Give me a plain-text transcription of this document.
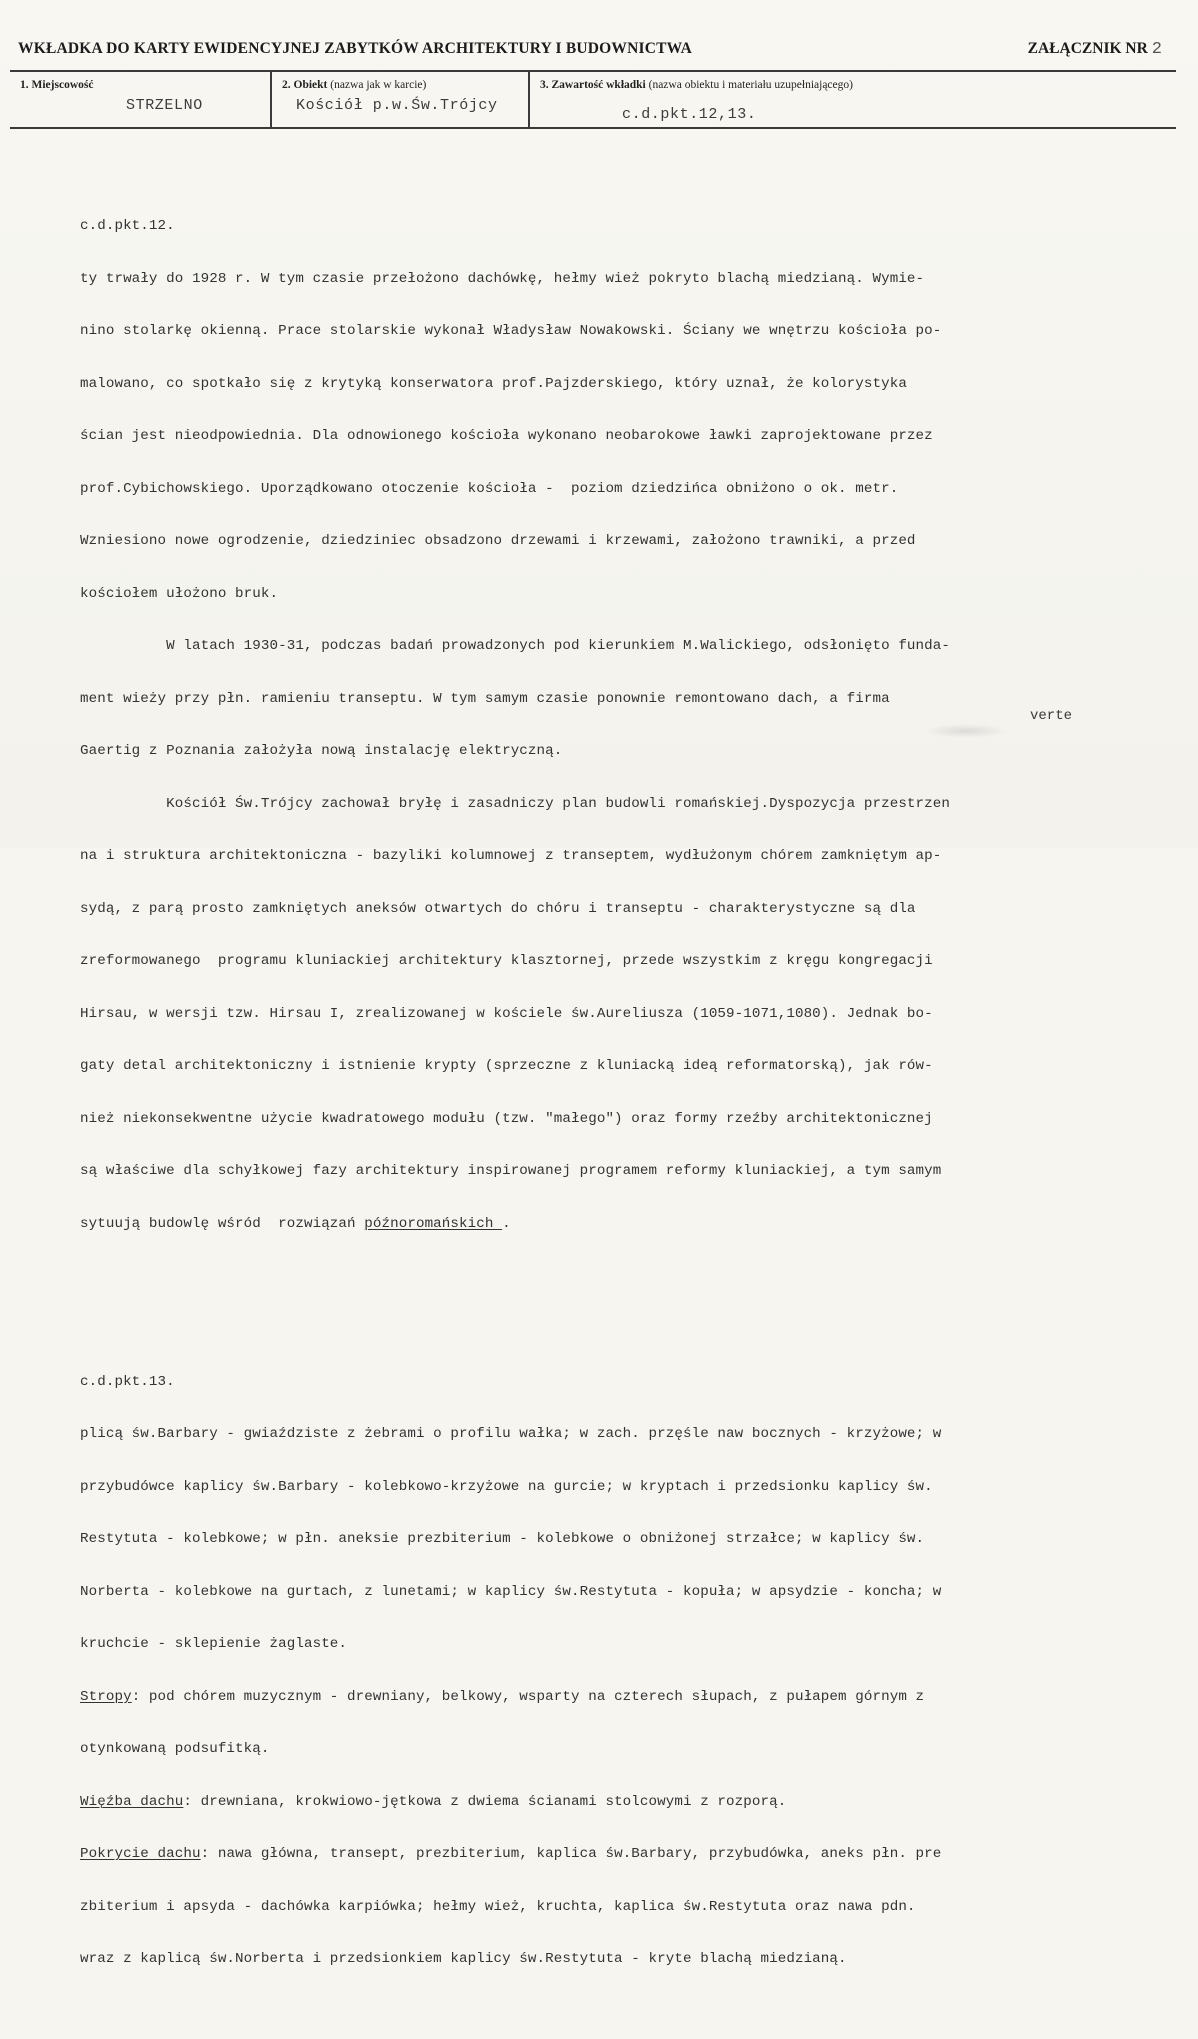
WKŁADKA DO KARTY EWIDENCYJNEJ ZABYTKÓW ARCHITEKTURY I BUDOWNICTWA	ZAŁĄCZNIK NR 2
1. Miejscowość
STRZELNO
2. Obiekt (nazwa jak w karcie)
Kościół p.w.Św.Trójcy
3. Zawartość wkładki (nazwa obiektu i materiału uzupełniającego)
c.d.pkt.12,13.

c.d.pkt.12.

ty trwały do 1928 r. W tym czasie przełożono dachówkę, hełmy wież pokryto blachą miedzianą. Wymie-

nino stolarkę okienną. Prace stolarskie wykonał Władysław Nowakowski. Ściany we wnętrzu kościoła po-

malowano, co spotkało się z krytyką konserwatora prof.Pajzderskiego, który uznał, że kolorystyka

ścian jest nieodpowiednia. Dla odnowionego kościoła wykonano neobarokowe ławki zaprojektowane przez

prof.Cybichowskiego. Uporządkowano otoczenie kościoła -  poziom dziedzińca obniżono o ok. metr.

Wzniesiono nowe ogrodzenie, dziedziniec obsadzono drzewami i krzewami, założono trawniki, a przed

kościołem ułożono bruk.

W latach 1930-31, podczas badań prowadzonych pod kierunkiem M.Walickiego, odsłonięto funda-

ment wieży przy płn. ramieniu transeptu. W tym samym czasie ponownie remontowano dach, a firma

Gaertig z Poznania założyła nową instalację elektryczną.

Kościół Św.Trójcy zachował bryłę i zasadniczy plan budowli romańskiej.Dyspozycja przestrzen

na i struktura architektoniczna - bazyliki kolumnowej z transeptem, wydłużonym chórem zamkniętym ap-

sydą, z parą prosto zamkniętych aneksów otwartych do chóru i transeptu - charakterystyczne są dla

zreformowanego  programu kluniackiej architektury klasztornej, przede wszystkim z kręgu kongregacji

Hirsau, w wersji tzw. Hirsau I, zrealizowanej w kościele św.Aureliusza (1059-1071,1080). Jednak bo-

gaty detal architektoniczny i istnienie krypty (sprzeczne z kluniacką ideą reformatorską), jak rów-

nież niekonsekwentne użycie kwadratowego modułu (tzw. "małego") oraz formy rzeźby architektonicznej

są właściwe dla schyłkowej fazy architektury inspirowanej programem reformy kluniackiej, a tym samym

sytuują budowlę wśród  rozwiązań późnoromańskich .

c.d.pkt.13.

plicą św.Barbary - gwiaździste z żebrami o profilu wałka; w zach. przęśle naw bocznych - krzyżowe; w

przybudówce kaplicy św.Barbary - kolebkowo-krzyżowe na gurcie; w kryptach i przedsionku kaplicy św.

Restytuta - kolebkowe; w płn. aneksie prezbiterium - kolebkowe o obniżonej strzałce; w kaplicy św.

Norberta - kolebkowe na gurtach, z lunetami; w kaplicy św.Restytuta - kopuła; w apsydzie - koncha; w

kruchcie - sklepienie żaglaste.

Stropy: pod chórem muzycznym - drewniany, belkowy, wsparty na czterech słupach, z pułapem górnym z

otynkowaną podsufitką.

Więźba dachu: drewniana, krokwiowo-jętkowa z dwiema ścianami stolcowymi z rozporą.

Pokrycie dachu: nawa główna, transept, prezbiterium, kaplica św.Barbary, przybudówka, aneks płn. pre

zbiterium i apsyda - dachówka karpiówka; hełmy wież, kruchta, kaplica św.Restytuta oraz nawa pdn.

wraz z kaplicą św.Norberta i przedsionkiem kaplicy św.Restytuta - kryte blachą miedzianą.

verte
